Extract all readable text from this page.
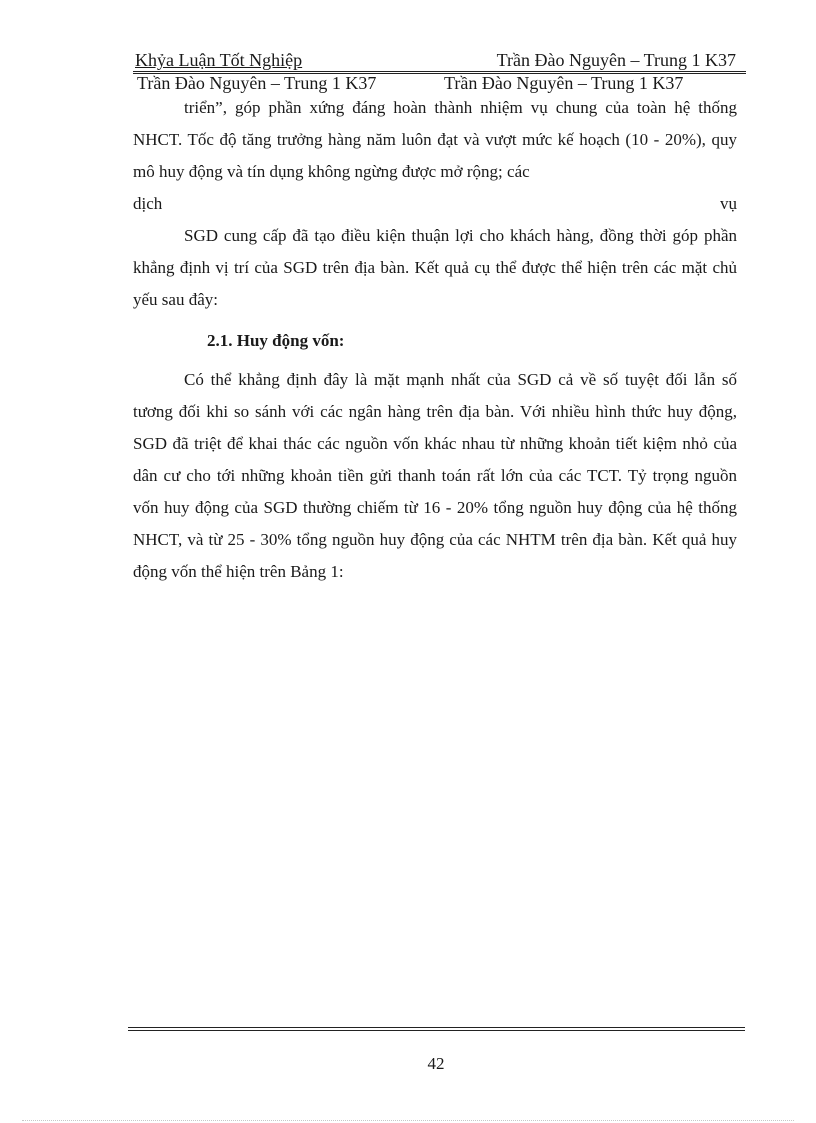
Khỷa Luận Tốt Nghiệp	Trần Đào Nguyên – Trung 1 K37
Trần Đào Nguyên – Trung 1 K37	Trần Đào Nguyên – Trung 1 K37

triển”, góp phần xứng đáng hoàn thành nhiệm vụ chung của toàn hệ thống NHCT. Tốc độ tăng trưởng hàng năm luôn đạt và vượt mức kế hoạch (10 - 20%), quy mô huy động và tín dụng không ngừng được mở rộng; các

dịch	vụ

SGD cung cấp đã tạo điều kiện thuận lợi cho khách hàng, đồng thời góp phần khẳng định vị trí của SGD trên địa bàn. Kết quả cụ thể được thể hiện trên các mặt chủ yếu sau đây:

2.1. Huy động vốn:

Có thể khẳng định đây là mặt mạnh nhất của SGD cả về số tuyệt đối lẫn số tương đối khi so sánh với các ngân hàng trên địa bàn. Với nhiều hình thức huy động, SGD đã triệt để khai thác các nguồn vốn khác nhau từ những khoản tiết kiệm nhỏ của dân cư cho tới những khoản tiền gửi thanh toán rất lớn của các TCT. Tỷ trọng nguồn vốn huy động của SGD thường chiếm từ 16 - 20% tổng nguồn huy động của hệ thống NHCT, và từ 25 - 30% tổng nguồn huy động của các NHTM trên địa bàn. Kết quả huy động vốn thể hiện trên Bảng 1:

42
